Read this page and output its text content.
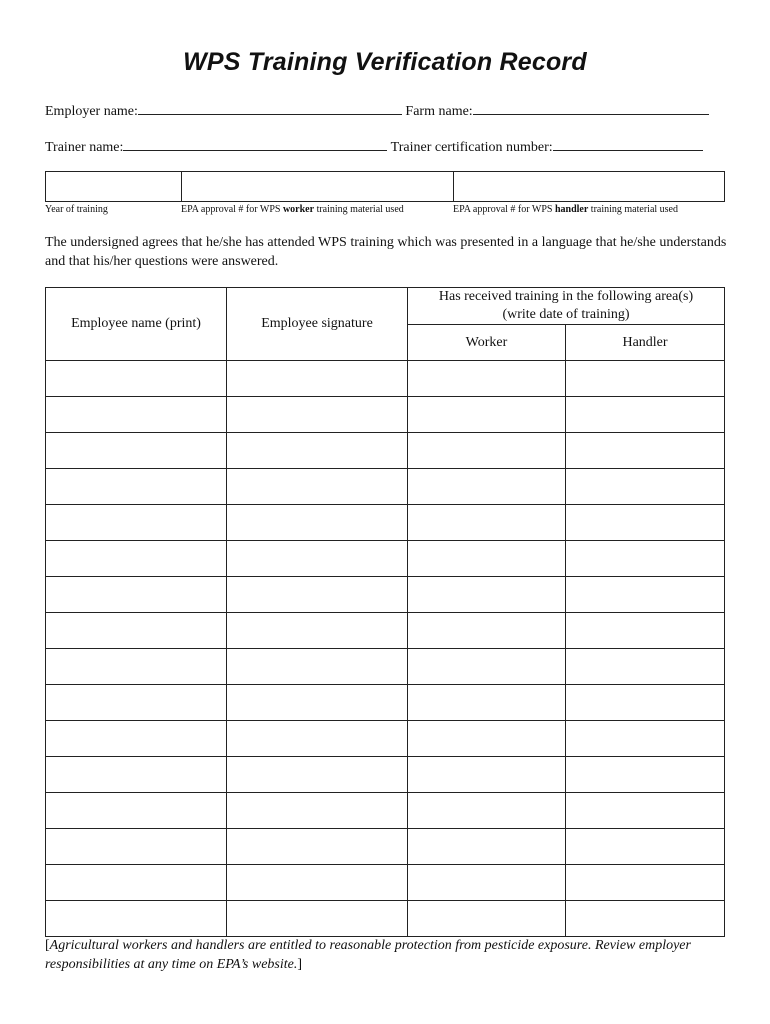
WPS Training Verification Record
Employer name:	Farm name:
Trainer name:	Trainer certification number:
Year of training	EPA approval # for WPS worker training material used	EPA approval # for WPS handler training material used
The undersigned agrees that he/she has attended WPS training which was presented in a language that he/she understands and that his/her questions were answered.
Employee name (print)	Employee signature	Has received training in the following area(s)
(write date of training)	

		Worker	Handler

[Agricultural workers and handlers are entitled to reasonable protection from pesticide exposure. Review employer responsibilities at any time on EPA’s website.]
